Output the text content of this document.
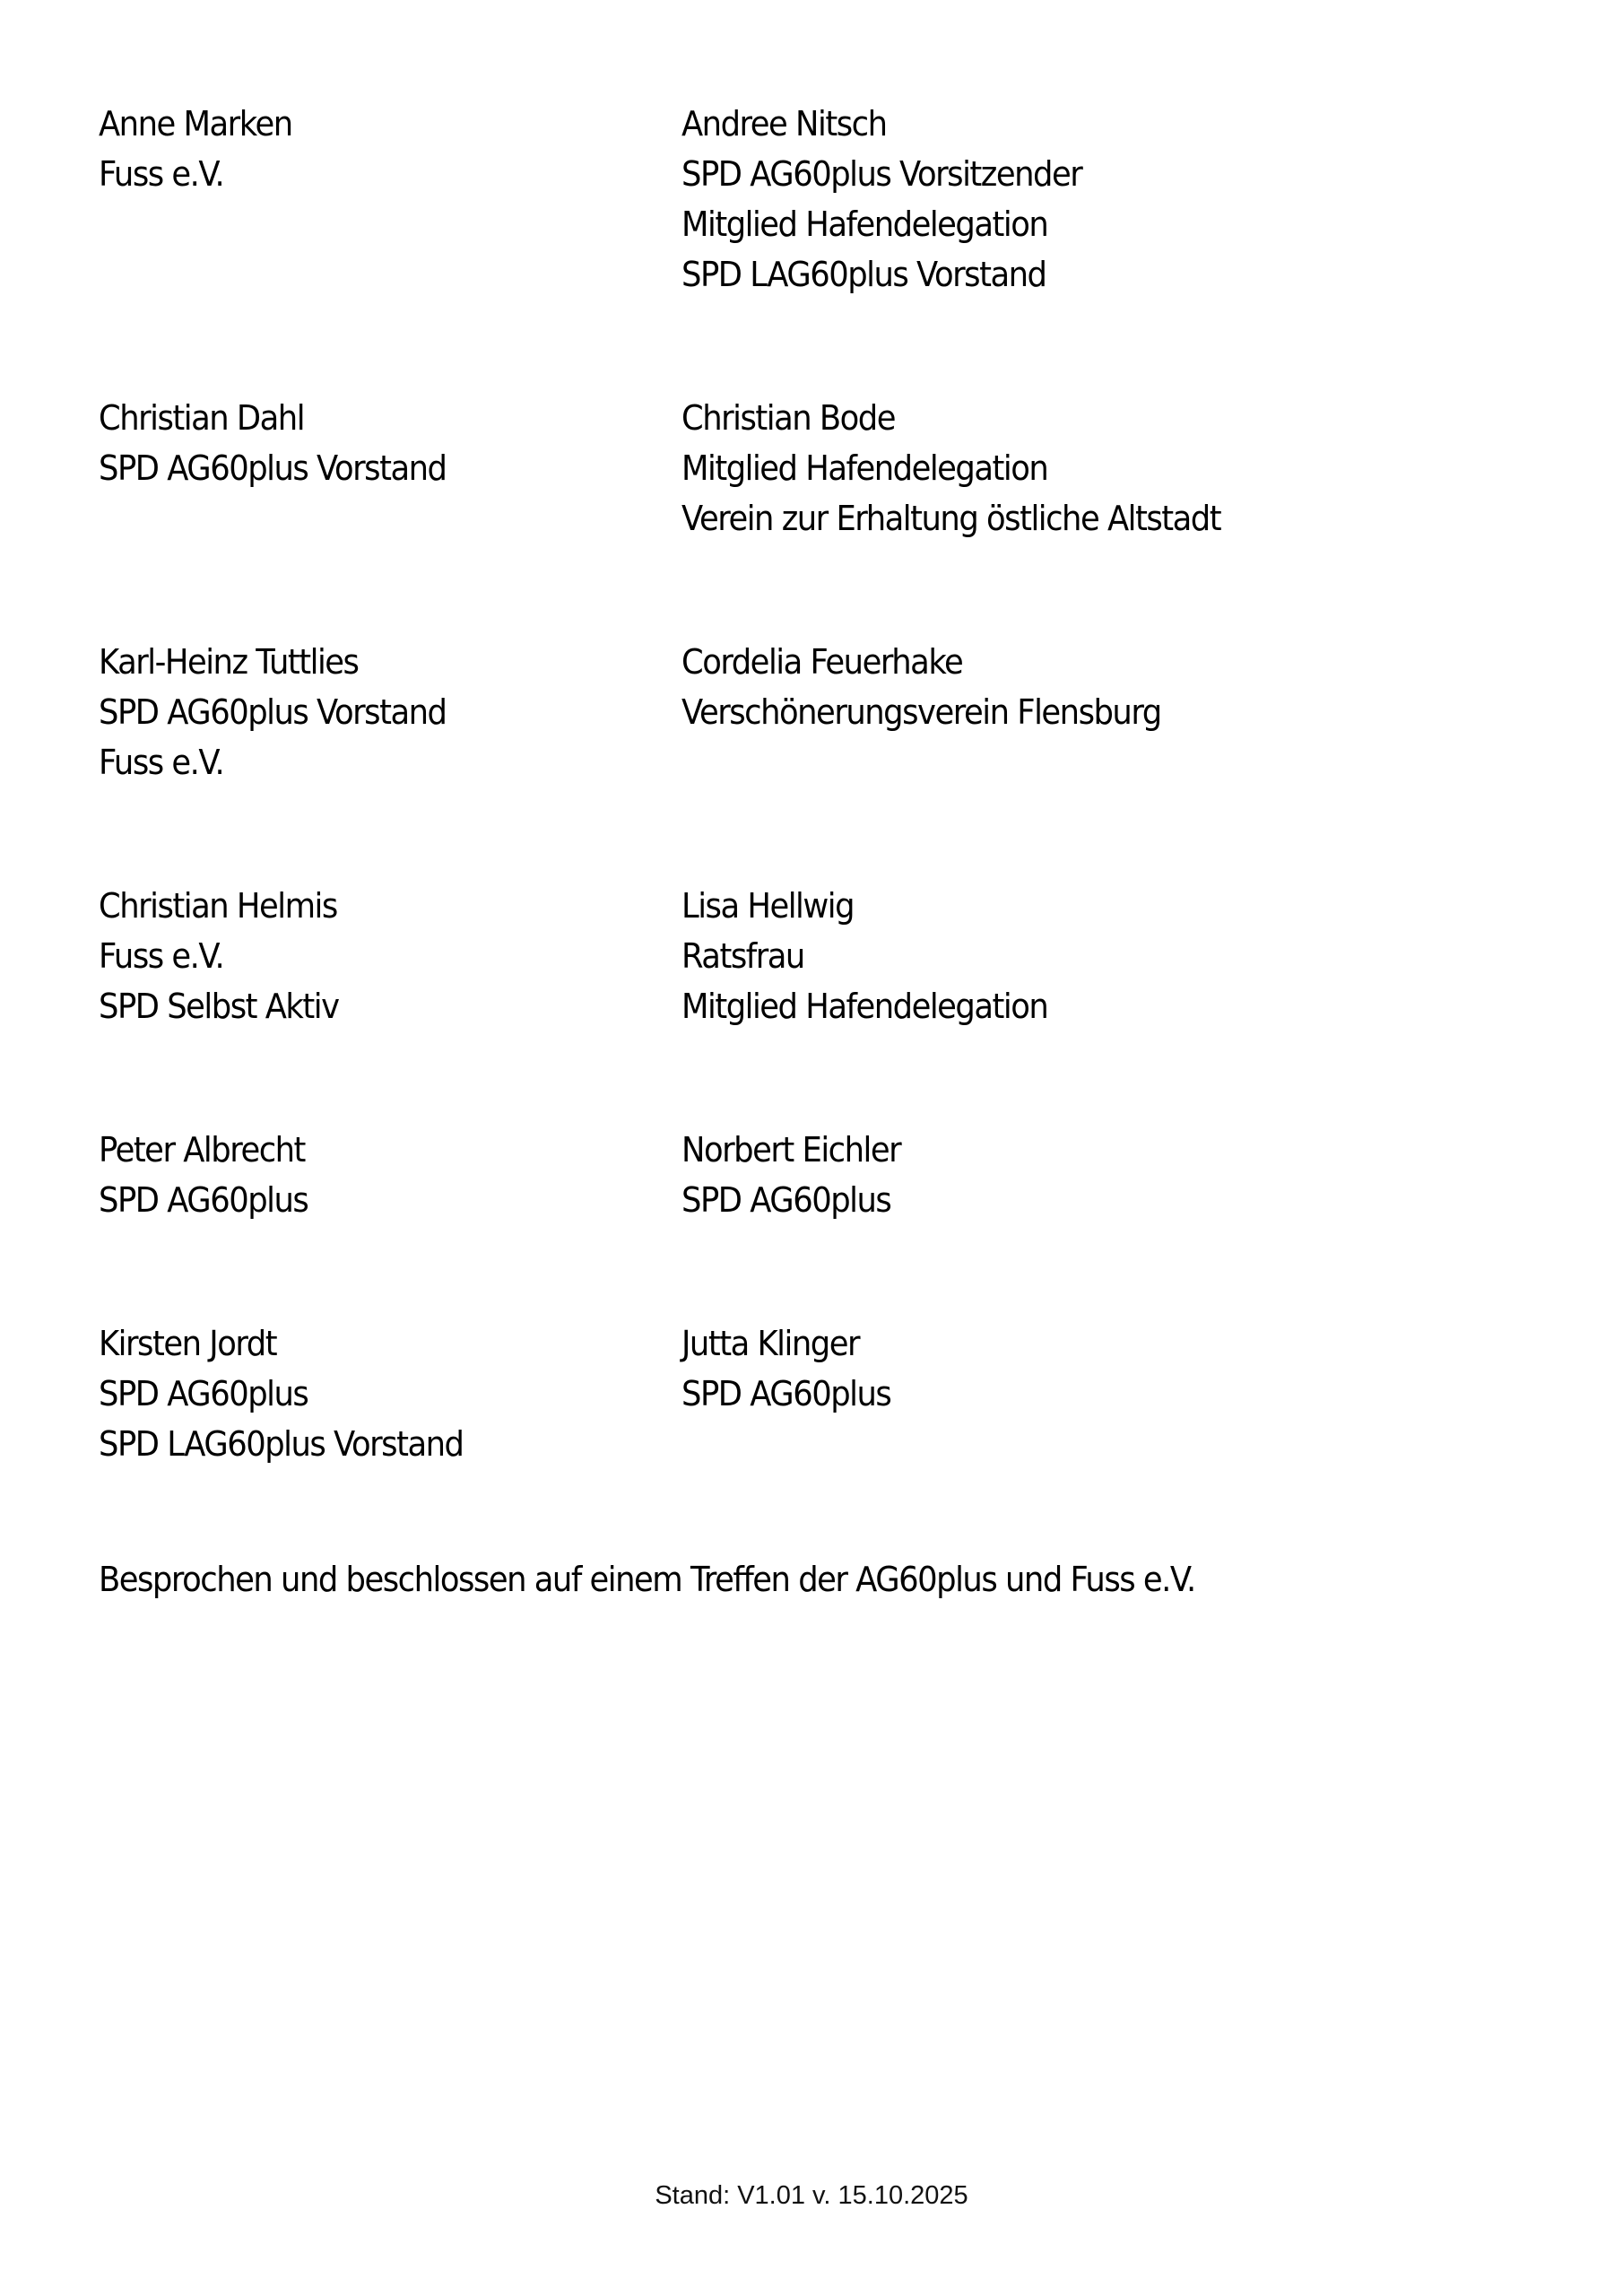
Anne Marken
Fuss e.V.
Andree Nitsch
SPD AG60plus Vorsitzender
Mitglied Hafendelegation
SPD LAG60plus Vorstand
Christian Dahl
SPD AG60plus Vorstand
Christian Bode
Mitglied Hafendelegation
Verein zur Erhaltung östliche Altstadt
Karl-Heinz Tuttlies
SPD AG60plus Vorstand
Fuss e.V.
Cordelia Feuerhake
Verschönerungsverein Flensburg
Christian Helmis
Fuss e.V.
SPD Selbst Aktiv
Lisa Hellwig
Ratsfrau
Mitglied Hafendelegation
Peter Albrecht
SPD AG60plus
Norbert Eichler
SPD AG60plus
Kirsten Jordt
SPD AG60plus
SPD LAG60plus Vorstand
Jutta Klinger
SPD AG60plus
Besprochen und beschlossen auf einem Treffen der AG60plus und Fuss e.V.
Stand: V1.01 v. 15.10.2025
